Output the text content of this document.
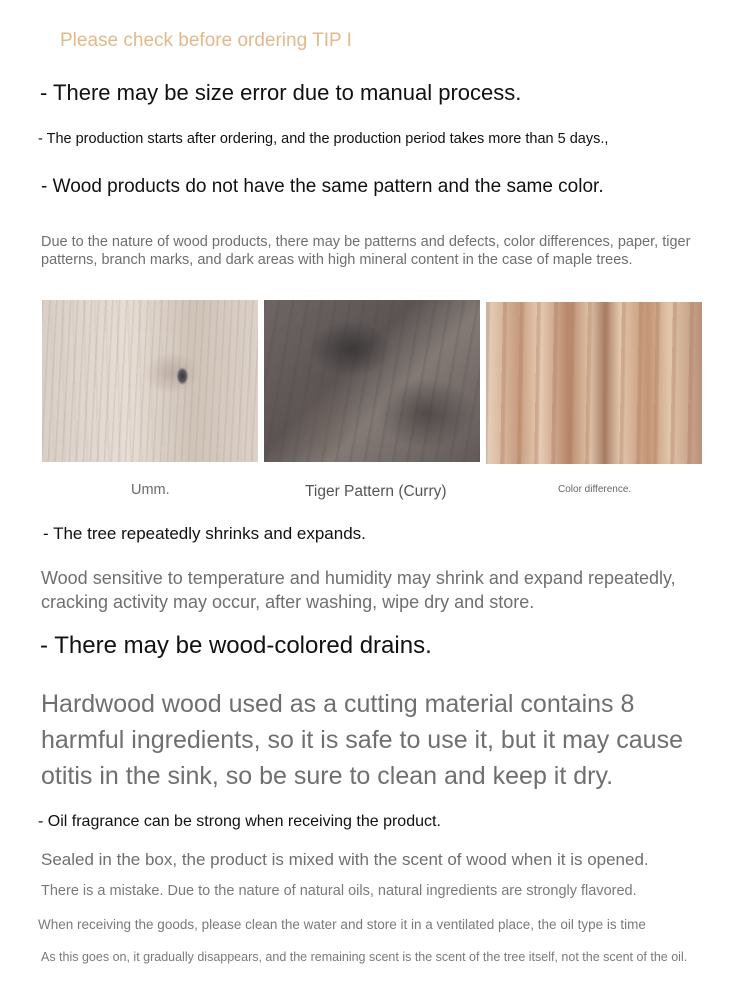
Please check before ordering TIP I
- There may be size error due to manual process.
- The production starts after ordering, and the production period takes more than 5 days.,
- Wood products do not have the same pattern and the same color.
Due to the nature of wood products, there may be patterns and defects, color differences, paper, tiger patterns, branch marks, and dark areas with high mineral content in the case of maple trees.
Umm.	Tiger Pattern (Curry)	Color difference.
- The tree repeatedly shrinks and expands.
Wood sensitive to temperature and humidity may shrink and expand repeatedly, cracking activity may occur, after washing, wipe dry and store.
- There may be wood-colored drains.
Hardwood wood used as a cutting material contains 8 harmful ingredients, so it is safe to use it, but it may cause otitis in the sink, so be sure to clean and keep it dry.
- Oil fragrance can be strong when receiving the product.
Sealed in the box, the product is mixed with the scent of wood when it is opened.
There is a mistake. Due to the nature of natural oils, natural ingredients are strongly flavored.
When receiving the goods, please clean the water and store it in a ventilated place, the oil type is time
As this goes on, it gradually disappears, and the remaining scent is the scent of the tree itself, not the scent of the oil.
